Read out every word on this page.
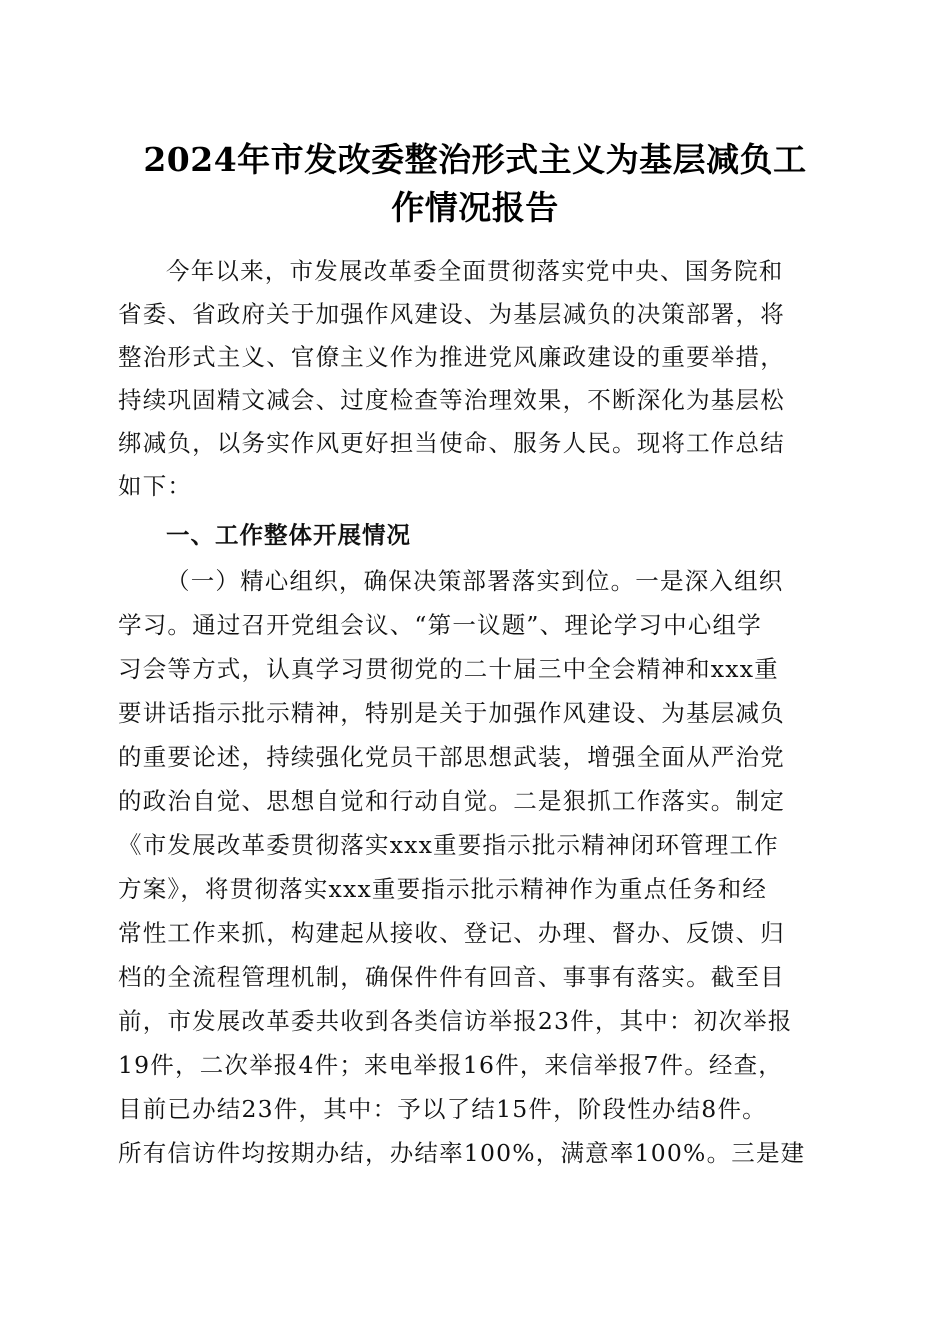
2024年市发改委整治形式主义为基层减负工
作情况报告
今年以来，市发展改革委全面贯彻落实党中央、国务院和
省委、省政府关于加强作风建设、为基层减负的决策部署，将
整治形式主义、官僚主义作为推进党风廉政建设的重要举措，
持续巩固精文减会、过度检查等治理效果，不断深化为基层松
绑减负，以务实作风更好担当使命、服务人民。现将工作总结
如下：
一、工作整体开展情况
（一）精心组织，确保决策部署落实到位。一是深入组织
学习。通过召开党组会议、“第一议题”、理论学习中心组学
习会等方式，认真学习贯彻党的二十届三中全会精神和xxx重
要讲话指示批示精神，特别是关于加强作风建设、为基层减负
的重要论述，持续强化党员干部思想武装，增强全面从严治党
的政治自觉、思想自觉和行动自觉。二是狠抓工作落实。制定
《市发展改革委贯彻落实xxx重要指示批示精神闭环管理工作
方案》，将贯彻落实xxx重要指示批示精神作为重点任务和经
常性工作来抓，构建起从接收、登记、办理、督办、反馈、归
档的全流程管理机制，确保件件有回音、事事有落实。截至目
前，市发展改革委共收到各类信访举报23件，其中：初次举报
19件，二次举报4件；来电举报16件，来信举报7件。经查，
目前已办结23件，其中：予以了结15件，阶段性办结8件。
所有信访件均按期办结，办结率100%，满意率100%。三是建
